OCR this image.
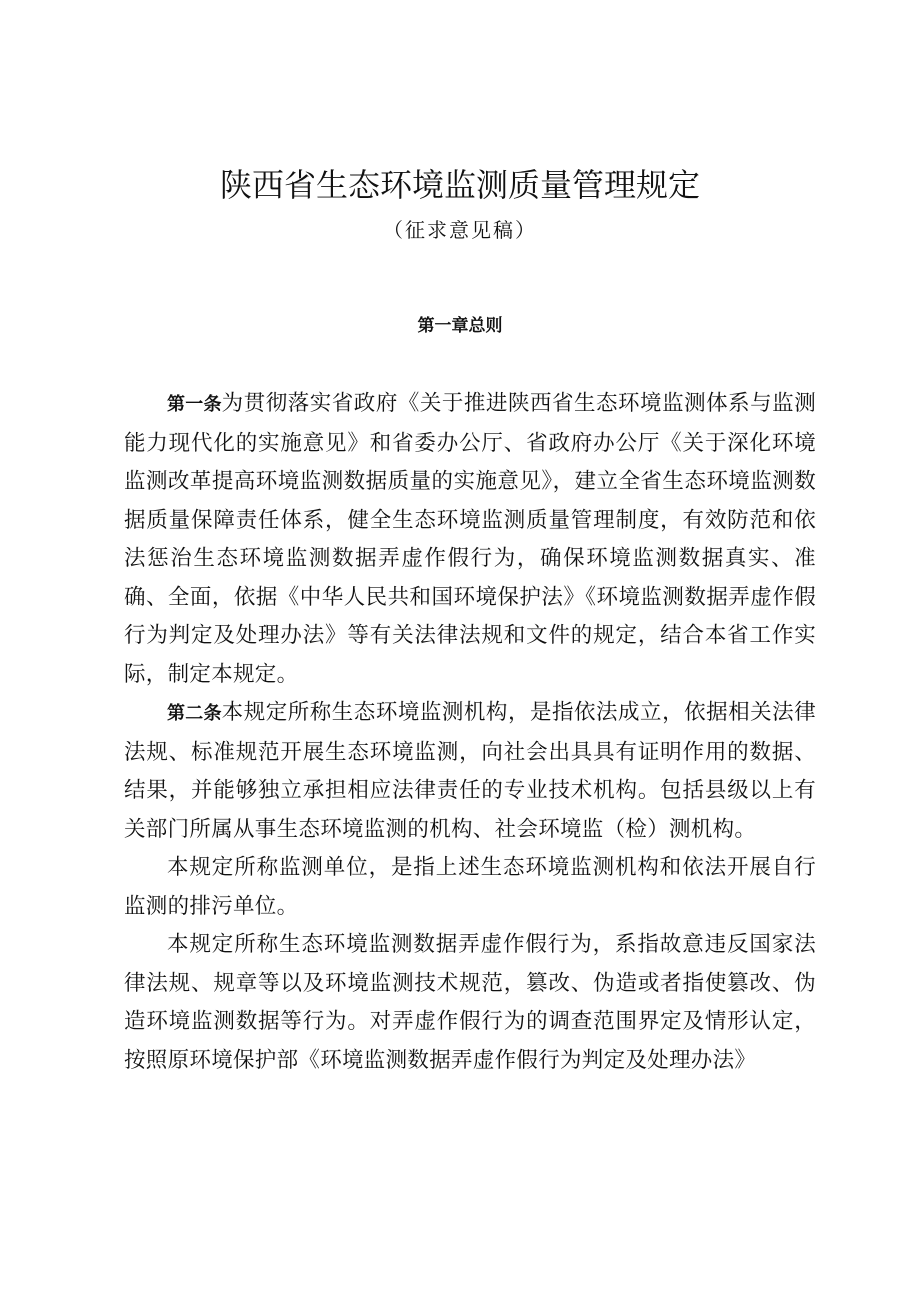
陕西省生态环境监测质量管理规定
（征求意见稿）
第一章总则

第一条为贯彻落实省政府《关于推进陕西省生态环境监测体系与监测能力现代化的实施意见》和省委办公厅、省政府办公厅《关于深化环境监测改革提高环境监测数据质量的实施意见》，建立全省生态环境监测数据质量保障责任体系，健全生态环境监测质量管理制度，有效防范和依法惩治生态环境监测数据弄虚作假行为，确保环境监测数据真实、准确、全面，依据《中华人民共和国环境保护法》《环境监测数据弄虚作假行为判定及处理办法》等有关法律法规和文件的规定，结合本省工作实际，制定本规定。

第二条本规定所称生态环境监测机构，是指依法成立，依据相关法律法规、标准规范开展生态环境监测，向社会出具具有证明作用的数据、结果，并能够独立承担相应法律责任的专业技术机构。包括县级以上有关部门所属从事生态环境监测的机构、社会环境监（检）测机构。

本规定所称监测单位，是指上述生态环境监测机构和依法开展自行监测的排污单位。

本规定所称生态环境监测数据弄虚作假行为，系指故意违反国家法律法规、规章等以及环境监测技术规范，篡改、伪造或者指使篡改、伪造环境监测数据等行为。对弄虚作假行为的调查范围界定及情形认定，按照原环境保护部《环境监测数据弄虚作假行为判定及处理办法》
